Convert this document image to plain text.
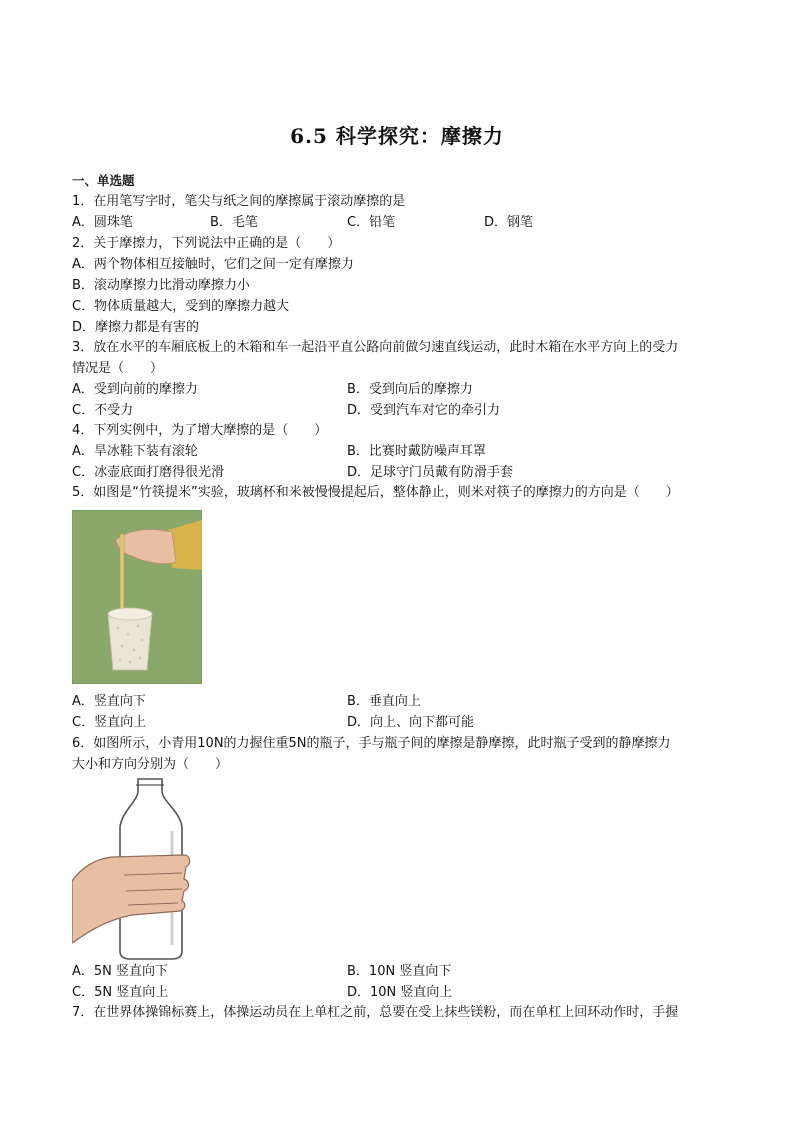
6.5 科学探究：摩擦力
一、单选题
1．在用笔写字时，笔尖与纸之间的摩擦属于滚动摩擦的是
A．圆珠笔	B．毛笔	C．铅笔	D．钢笔
2．关于摩擦力，下列说法中正确的是（　　）
A．两个物体相互接触时，它们之间一定有摩擦力
B．滚动摩擦力比滑动摩擦力小
C．物体质量越大，受到的摩擦力越大
D．摩擦力都是有害的
3．放在水平的车厢底板上的木箱和车一起沿平直公路向前做匀速直线运动，此时木箱在水平方向上的受力
情况是（　　）
A．受到向前的摩擦力	B．受到向后的摩擦力
C．不受力	D．受到汽车对它的牵引力
4．下列实例中，为了增大摩擦的是（　　）
A．旱冰鞋下装有滚轮	B．比赛时戴防噪声耳罩
C．冰壶底面打磨得很光滑	D．足球守门员戴有防滑手套
5．如图是“竹筷提米”实验，玻璃杯和米被慢慢提起后，整体静止，则米对筷子的摩擦力的方向是（　　）
A．竖直向下	B．垂直向上
C．竖直向上	D．向上、向下都可能
6．如图所示，小青用10N的力握住重5N的瓶子，手与瓶子间的摩擦是静摩擦，此时瓶子受到的静摩擦力
大小和方向分别为（　　）
A．5N 竖直向下	B．10N 竖直向下
C．5N 竖直向上	D．10N 竖直向上
7．在世界体操锦标赛上，体操运动员在上单杠之前，总要在受上抹些镁粉，而在单杠上回环动作时，手握
